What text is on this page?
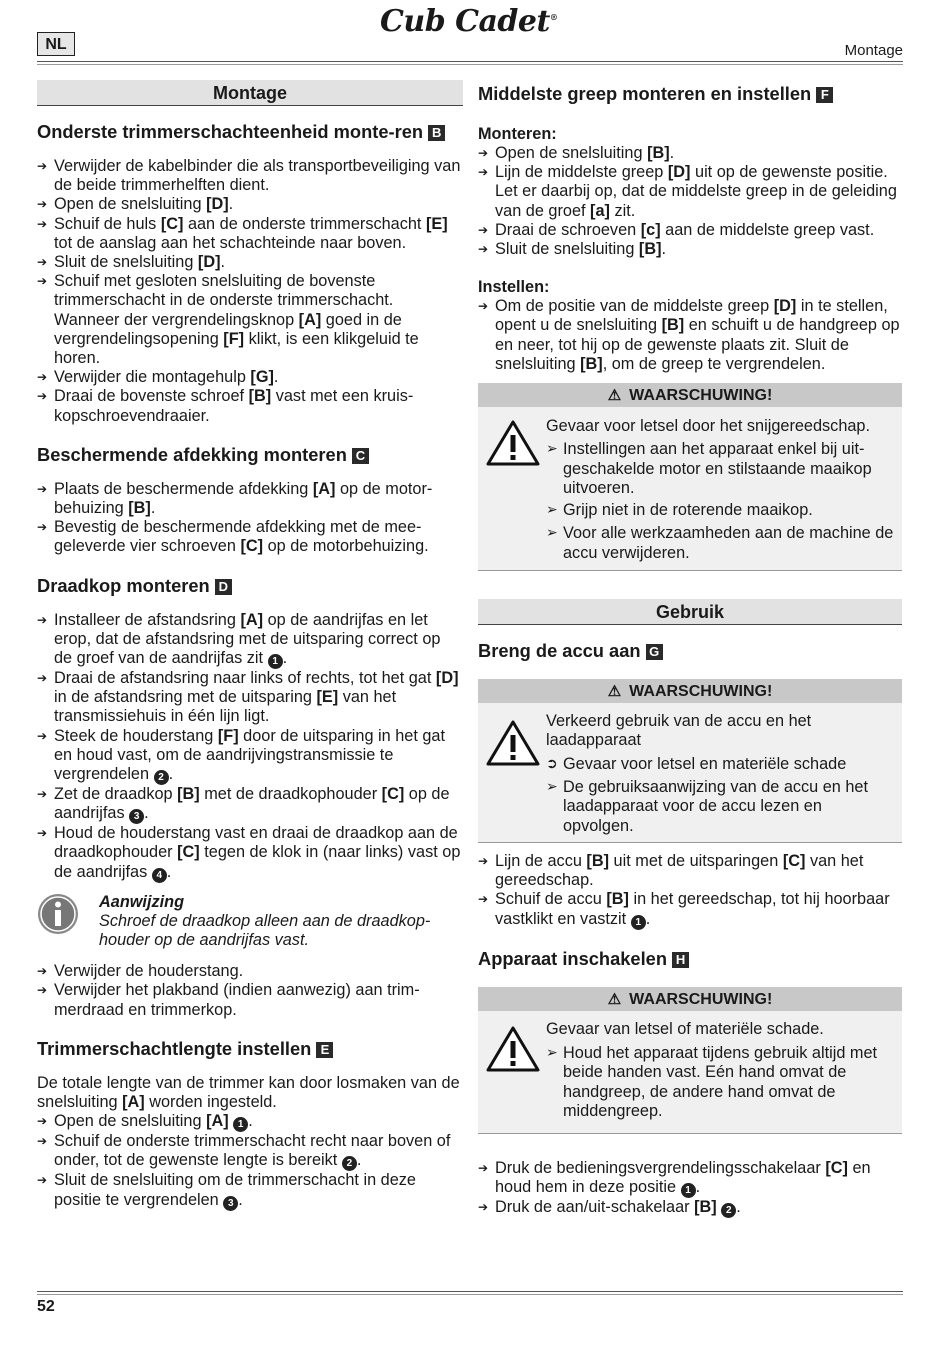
NL
Cub Cadet®
Montage
Montage
Onderste trimmerschachteenheid monte-ren B
➔ Verwijder de kabelbinder die als transportbeveiliging van de beide trimmerhelften dient.
➔ Open de snelsluiting [D].
➔ Schuif de huls [C] aan de onderste trimmerschacht [E] tot de aanslag aan het schachteinde naar boven.
➔ Sluit de snelsluiting [D].
➔ Schuif met gesloten snelsluiting de bovenste trimmerschacht in de onderste trimmerschacht. Wanneer der vergrendelingsknop [A] goed in de vergrendelingsopening [F] klikt, is een klikgeluid te horen.
➔ Verwijder die montagehulp [G].
➔ Draai de bovenste schroef [B] vast met een kruis-kopschroevendraaier.
Beschermende afdekking monteren C
➔ Plaats de beschermende afdekking [A] op de motor-behuizing [B].
➔ Bevestig de beschermende afdekking met de mee-geleverde vier schroeven [C] op de motorbehuizing.
Draadkop monteren D
➔ Installeer de afstandsring [A] op de aandrijfas en let erop, dat de afstandsring met de uitsparing correct op de groef van de aandrijfas zit 1 .
➔ Draai de afstandsring naar links of rechts, tot het gat [D] in de afstandsring met de uitsparing [E] van het transmissiehuis in één lijn ligt.
➔ Steek de houderstang [F] door de uitsparing in het gat en houd vast, om de aandrijvingstransmissie te vergrendelen 2 .
➔ Zet de draadkop [B] met de draadkophouder [C] op de aandrijfas 3 .
➔ Houd de houderstang vast en draai de draadkop aan de draadkophouder [C] tegen de klok in (naar links) vast op de aandrijfas 4 .
Aanwijzing

Schroef de draadkop alleen aan de draadkop-houder op de aandrijfas vast.

➔ Verwijder de houderstang.
➔ Verwijder het plakband (indien aanwezig) aan trim-merdraad en trimmerkop.
Trimmerschachtlengte instellen E

De totale lengte van de trimmer kan door losmaken van de snelsluiting [A] worden ingesteld.

➔ Open de snelsluiting [A] 1 .
➔ Schuif de onderste trimmerschacht recht naar boven of onder, tot de gewenste lengte is bereikt 2 .
➔ Sluit de snelsluiting om de trimmerschacht in deze positie te vergrendelen 3 .
Middelste greep monteren en instellen F
Monteren:
➔ Open de snelsluiting [B].
➔ Lijn de middelste greep [D] uit op de gewenste positie. Let er daarbij op, dat de middelste greep in de geleiding van de groef [a] zit.
➔ Draai de schroeven [c] aan de middelste greep vast.
➔ Sluit de snelsluiting [B].
Instellen:
➔ Om de positie van de middelste greep [D] in te stellen, opent u de snelsluiting [B] en schuift u de handgreep op en neer, tot hij op de gewenste plaats zit. Sluit de snelsluiting [B], om de greep te vergrendelen.
⚠ WAARSCHUWING!

Gevaar voor letsel door het snijgereedschap.

➢ Instellingen aan het apparaat enkel bij uit-geschakelde motor en stilstaande maaikop uitvoeren.
➢ Grijp niet in de roterende maaikop.
➢ Voor alle werkzaamheden aan de machine de accu verwijderen.
Gebruik
Breng de accu aan G
⚠ WAARSCHUWING!

Verkeerd gebruik van de accu en het laadapparaat

➲ Gevaar voor letsel en materiële schade
➢ De gebruiksaanwijzing van de accu en het laadapparaat voor de accu lezen en opvolgen.
➔ Lijn de accu [B] uit met de uitsparingen [C] van het gereedschap.
➔ Schuif de accu [B] in het gereedschap, tot hij hoorbaar vastklikt en vastzit 1 .
Apparaat inschakelen H
⚠ WAARSCHUWING!

Gevaar van letsel of materiële schade.

➢ Houd het apparaat tijdens gebruik altijd met beide handen vast. Eén hand omvat de handgreep, de andere hand omvat de middengreep.
➔ Druk de bedieningsvergrendelingsschakelaar [C] en houd hem in deze positie 1 .
➔ Druk de aan/uit-schakelaar [B] 2 .
52
